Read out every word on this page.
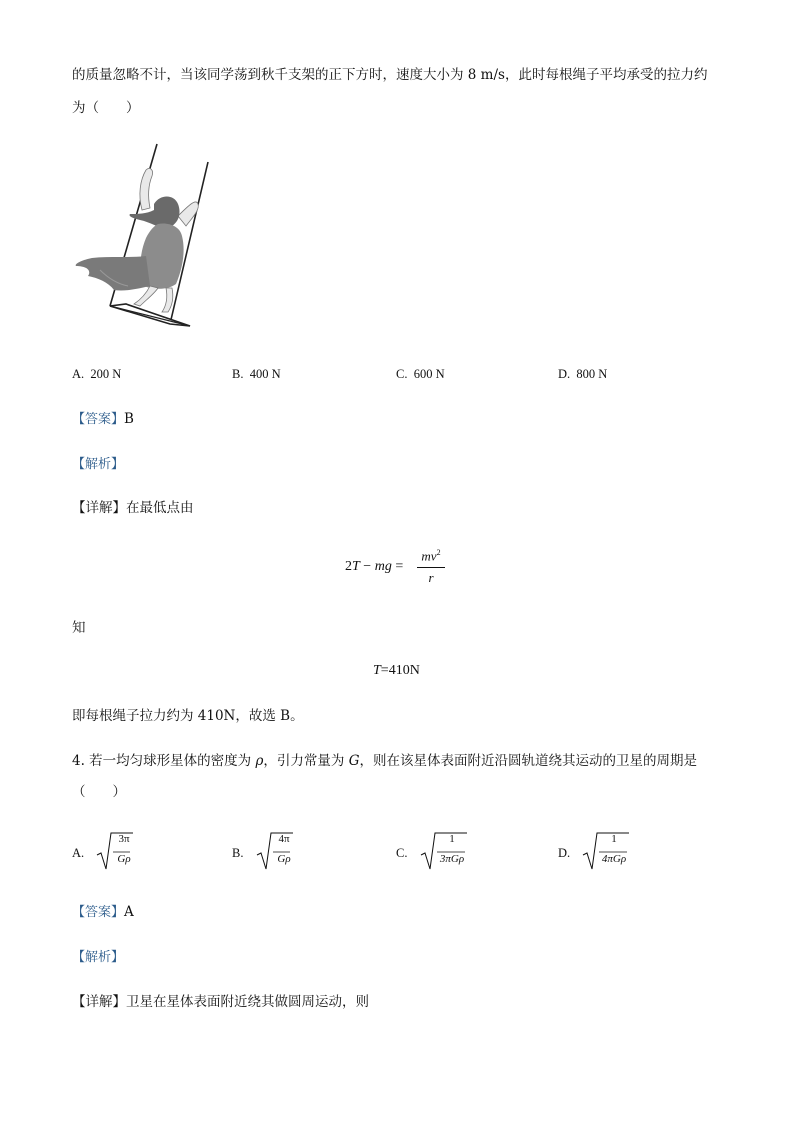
的质量忽略不计，当该同学荡到秋千支架的正下方时，速度大小为 8 m/s，此时每根绳子平均承受的拉力约
为（　　）
A. 200 N	B. 400 N	C. 600 N	D. 800 N
【答案】B
【解析】
【详解】在最低点由
2T − mg =
$mv^2$
r
知
T=410N
即每根绳子拉力约为 410N，故选 B。
4. 若一均匀球形星体的密度为 ρ，引力常量为 G，则在该星体表面附近沿圆轨道绕其运动的卫星的周期是
（　　）
A.
3π
Gρ	B.
4π
Gρ	C.
1
3πGρ	D.
1
4πGρ
【答案】A
【解析】
【详解】卫星在星体表面附近绕其做圆周运动，则
